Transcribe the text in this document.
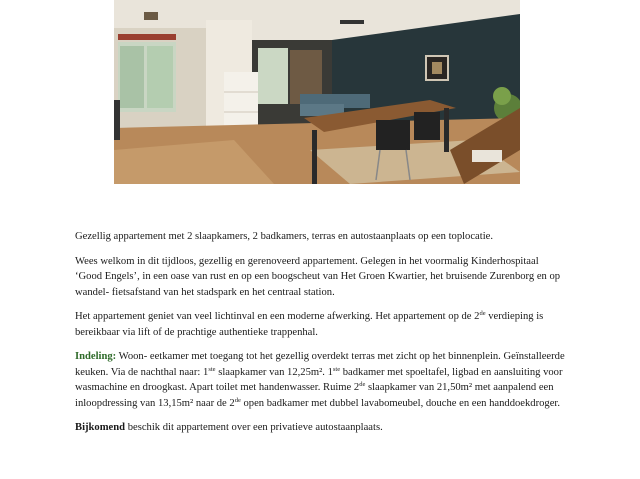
Gezellig appartement met 2 slaapkamers, 2 badkamers, terras en autostaanplaats op een toplocatie.

Wees welkom in dit tijdloos, gezellig en gerenoveerd appartement. Gelegen in het voormalig Kinderhospitaal ‘Good Engels’, in een oase van rust en op een boogscheut van Het Groen Kwartier, het bruisende Zurenborg en op wandel- fietsafstand van het stadspark en het centraal station.

Het appartement geniet van veel lichtinval en een moderne afwerking. Het appartement op de 2de verdieping is bereikbaar via lift of de prachtige authentieke trappenhal.

Indeling: Woon- eetkamer met toegang tot het gezellig overdekt terras met zicht op het binnenplein. Geïnstalleerde keuken. Via de nachthal naar: 1ste slaapkamer van 12,25m². 1ste badkamer met spoeltafel, ligbad en aansluiting voor wasmachine en droogkast. Apart toilet met handenwasser. Ruime 2de slaapkamer van 21,50m² met aanpalend een inloopdressing van 13,15m² naar de 2de open badkamer met dubbel lavabomeubel, douche en een handdoekdroger.

Bijkomend beschik dit appartement over een privatieve autostaanplaats.
